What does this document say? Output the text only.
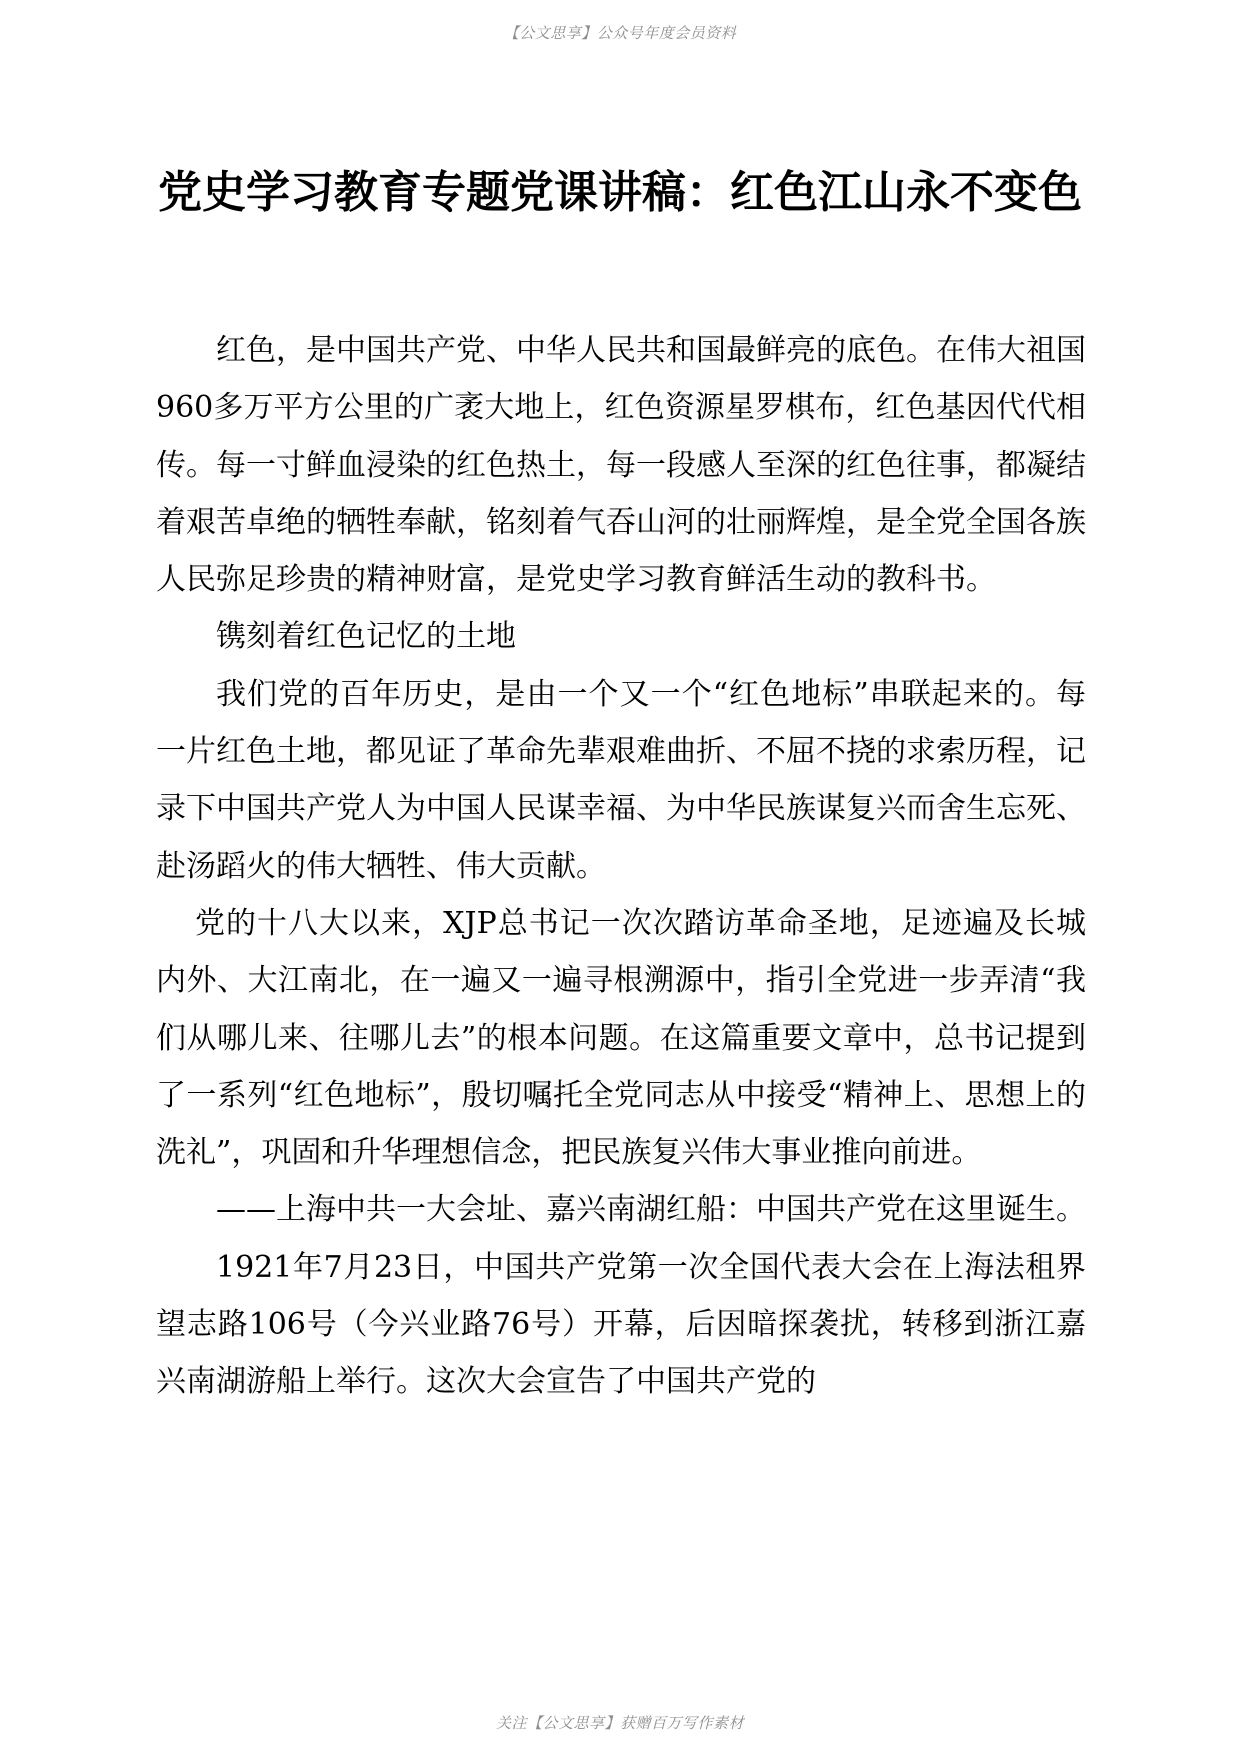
【公文思享】公众号年度会员资料
党史学习教育专题党课讲稿：红色江山永不变色

红色，是中国共产党、中华人民共和国最鲜亮的底色。在伟大祖国960多万平方公里的广袤大地上，红色资源星罗棋布，红色基因代代相传。每一寸鲜血浸染的红色热土，每一段感人至深的红色往事，都凝结着艰苦卓绝的牺牲奉献，铭刻着气吞山河的壮丽辉煌，是全党全国各族人民弥足珍贵的精神财富，是党史学习教育鲜活生动的教科书。

镌刻着红色记忆的土地

我们党的百年历史，是由一个又一个“红色地标”串联起来的。每一片红色土地，都见证了革命先辈艰难曲折、不屈不挠的求索历程，记录下中国共产党人为中国人民谋幸福、为中华民族谋复兴而舍生忘死、赴汤蹈火的伟大牺牲、伟大贡献。

党的十八大以来，XJP总书记一次次踏访革命圣地，足迹遍及长城内外、大江南北，在一遍又一遍寻根溯源中，指引全党进一步弄清“我们从哪儿来、往哪儿去”的根本问题。在这篇重要文章中，总书记提到了一系列“红色地标”，殷切嘱托全党同志从中接受“精神上、思想上的洗礼”，巩固和升华理想信念，把民族复兴伟大事业推向前进。

——上海中共一大会址、嘉兴南湖红船：中国共产党在这里诞生。

1921年7月23日，中国共产党第一次全国代表大会在上海法租界望志路106号（今兴业路76号）开幕，后因暗探袭扰，转移到浙江嘉兴南湖游船上举行。这次大会宣告了中国共产党的

关注【公文思享】获赠百万写作素材
